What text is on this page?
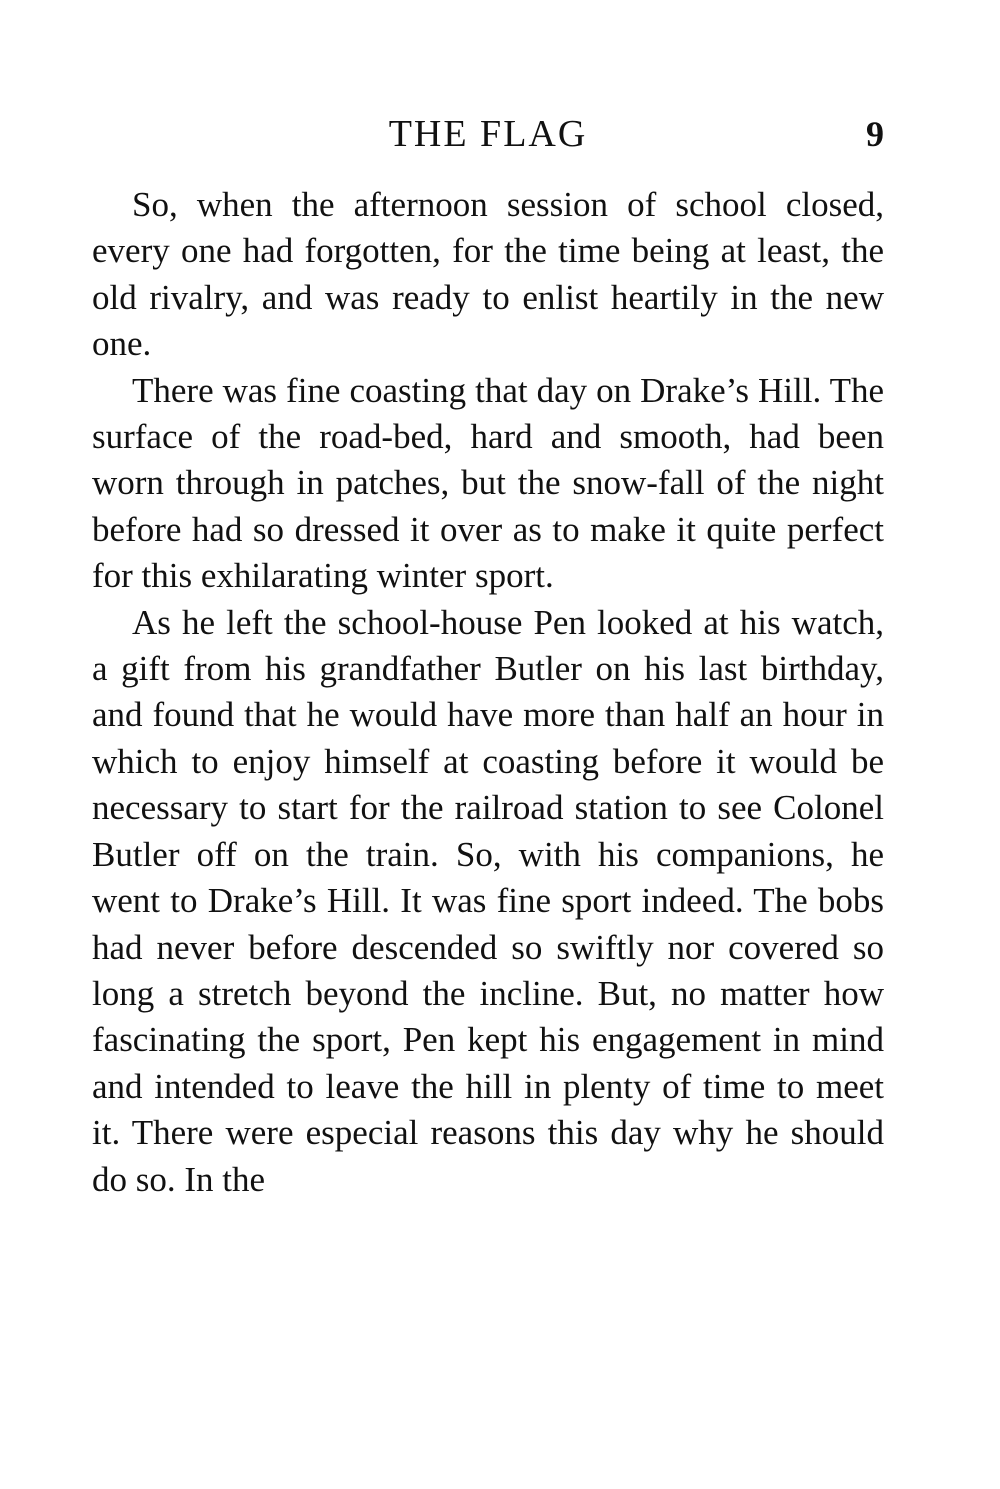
THE FLAG	9

So, when the afternoon session of school closed, every one had forgotten, for the time being at least, the old rivalry, and was ready to enlist heartily in the new one.

There was fine coasting that day on Drake’s Hill. The surface of the road-bed, hard and smooth, had been worn through in patches, but the snow-fall of the night before had so dressed it over as to make it quite perfect for this exhilarating winter sport.

As he left the school-house Pen looked at his watch, a gift from his grandfather Butler on his last birthday, and found that he would have more than half an hour in which to enjoy himself at coasting before it would be necessary to start for the railroad station to see Colonel Butler off on the train. So, with his companions, he went to Drake’s Hill. It was fine sport indeed. The bobs had never before descended so swiftly nor covered so long a stretch beyond the incline. But, no matter how fascinating the sport, Pen kept his engagement in mind and intended to leave the hill in plenty of time to meet it. There were especial reasons this day why he should do so. In the
